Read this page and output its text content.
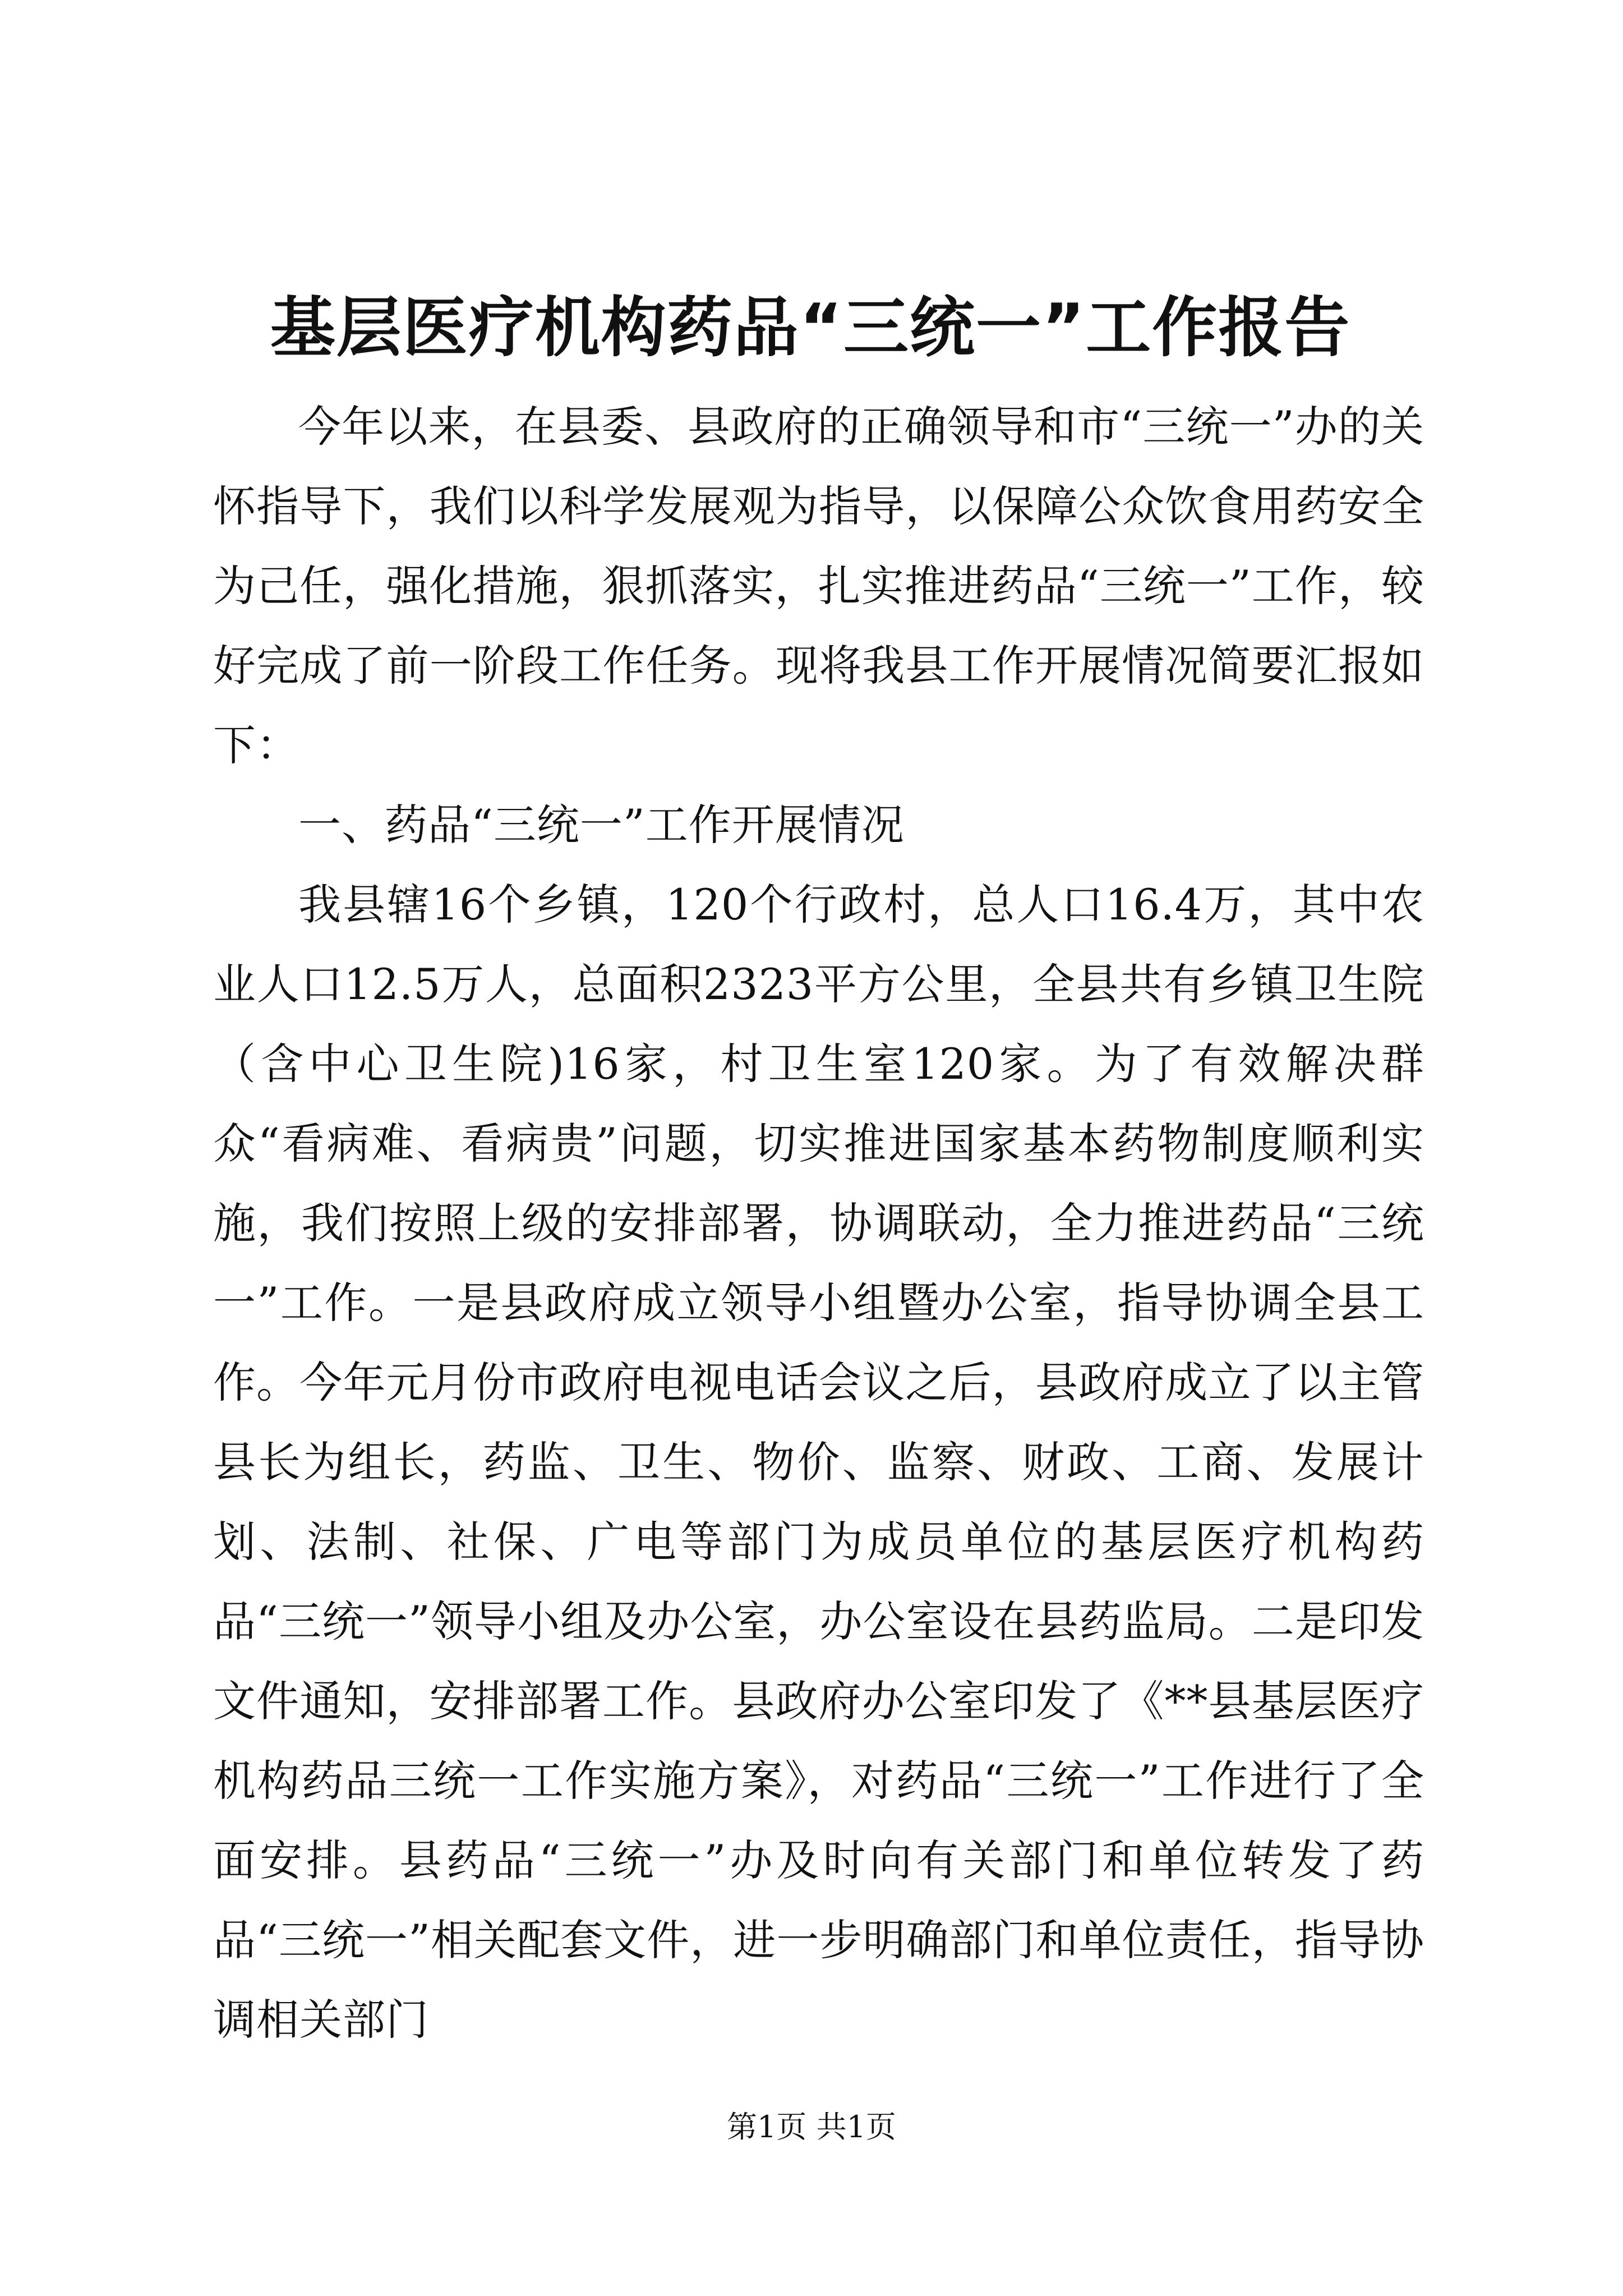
基层医疗机构药品“三统一”工作报告

今年以来，在县委、县政府的正确领导和市“三统一”办的关怀指导下，我们以科学发展观为指导，以保障公众饮食用药安全为己任，强化措施，狠抓落实，扎实推进药品“三统一”工作，较好完成了前一阶段工作任务。现将我县工作开展情况简要汇报如下：

一、药品“三统一”工作开展情况

我县辖16个乡镇，120个行政村，总人口16.4万，其中农业人口12.5万人，总面积2323平方公里，全县共有乡镇卫生院（含中心卫生院)16家，村卫生室120家。为了有效解决群众“看病难、看病贵”问题，切实推进国家基本药物制度顺利实施，我们按照上级的安排部署，协调联动，全力推进药品“三统一”工作。一是县政府成立领导小组暨办公室，指导协调全县工作。今年元月份市政府电视电话会议之后，县政府成立了以主管县长为组长，药监、卫生、物价、监察、财政、工商、发展计划、法制、社保、广电等部门为成员单位的基层医疗机构药品“三统一”领导小组及办公室，办公室设在县药监局。二是印发文件通知，安排部署工作。县政府办公室印发了《**县基层医疗机构药品三统一工作实施方案》，对药品“三统一”工作进行了全面安排。县药品“三统一”办及时向有关部门和单位转发了药品“三统一”相关配套文件，进一步明确部门和单位责任，指导协调相关部门

第1页 共1页
